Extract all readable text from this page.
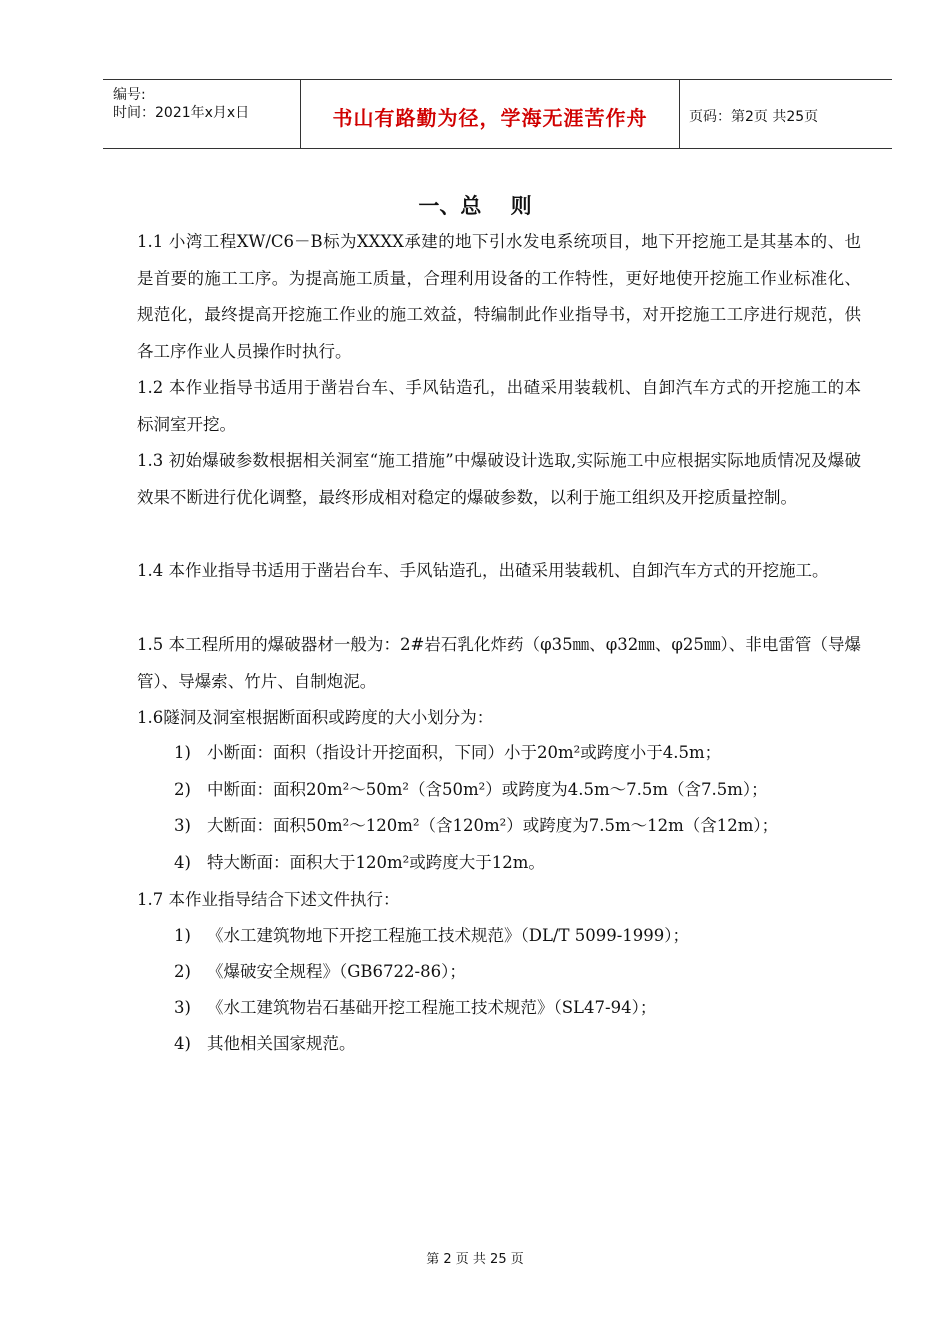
编号:
时间：2021年x月x日	书山有路勤为径，学海无涯苦作舟	页码：第2页 共25页
一、总    则

1.1 小湾工程XW/C6－B标为XXXX承建的地下引水发电系统项目，地下开挖施工是其基本的、也是首要的施工工序。为提高施工质量，合理利用设备的工作特性，更好地使开挖施工作业标准化、规范化，最终提高开挖施工作业的施工效益，特编制此作业指导书，对开挖施工工序进行规范，供各工序作业人员操作时执行。

1.2 本作业指导书适用于凿岩台车、手风钻造孔，出碴采用装载机、自卸汽车方式的开挖施工的本标洞室开挖。

1.3 初始爆破参数根据相关洞室“施工措施”中爆破设计选取,实际施工中应根据实际地质情况及爆破效果不断进行优化调整，最终形成相对稳定的爆破参数，以利于施工组织及开挖质量控制。

1.4 本作业指导书适用于凿岩台车、手风钻造孔，出碴采用装载机、自卸汽车方式的开挖施工。

1.5 本工程所用的爆破器材一般为：2#岩石乳化炸药（φ35㎜、φ32㎜、φ25㎜）、非电雷管（导爆管）、导爆索、竹片、自制炮泥。

1.6隧洞及洞室根据断面积或跨度的大小划分为：

1) 小断面：面积（指设计开挖面积，下同）小于20m²或跨度小于4.5m；
2) 中断面：面积20m²～50m²（含50m²）或跨度为4.5m～7.5m（含7.5m）；
3) 大断面：面积50m²～120m²（含120m²）或跨度为7.5m～12m（含12m）；
4) 特大断面：面积大于120m²或跨度大于12m。

1.7 本作业指导结合下述文件执行：

1) 《水工建筑物地下开挖工程施工技术规范》（DL/T 5099-1999）；
2) 《爆破安全规程》（GB6722-86）；
3) 《水工建筑物岩石基础开挖工程施工技术规范》（SL47-94）；
4) 其他相关国家规范。
第 2 页 共 25 页
